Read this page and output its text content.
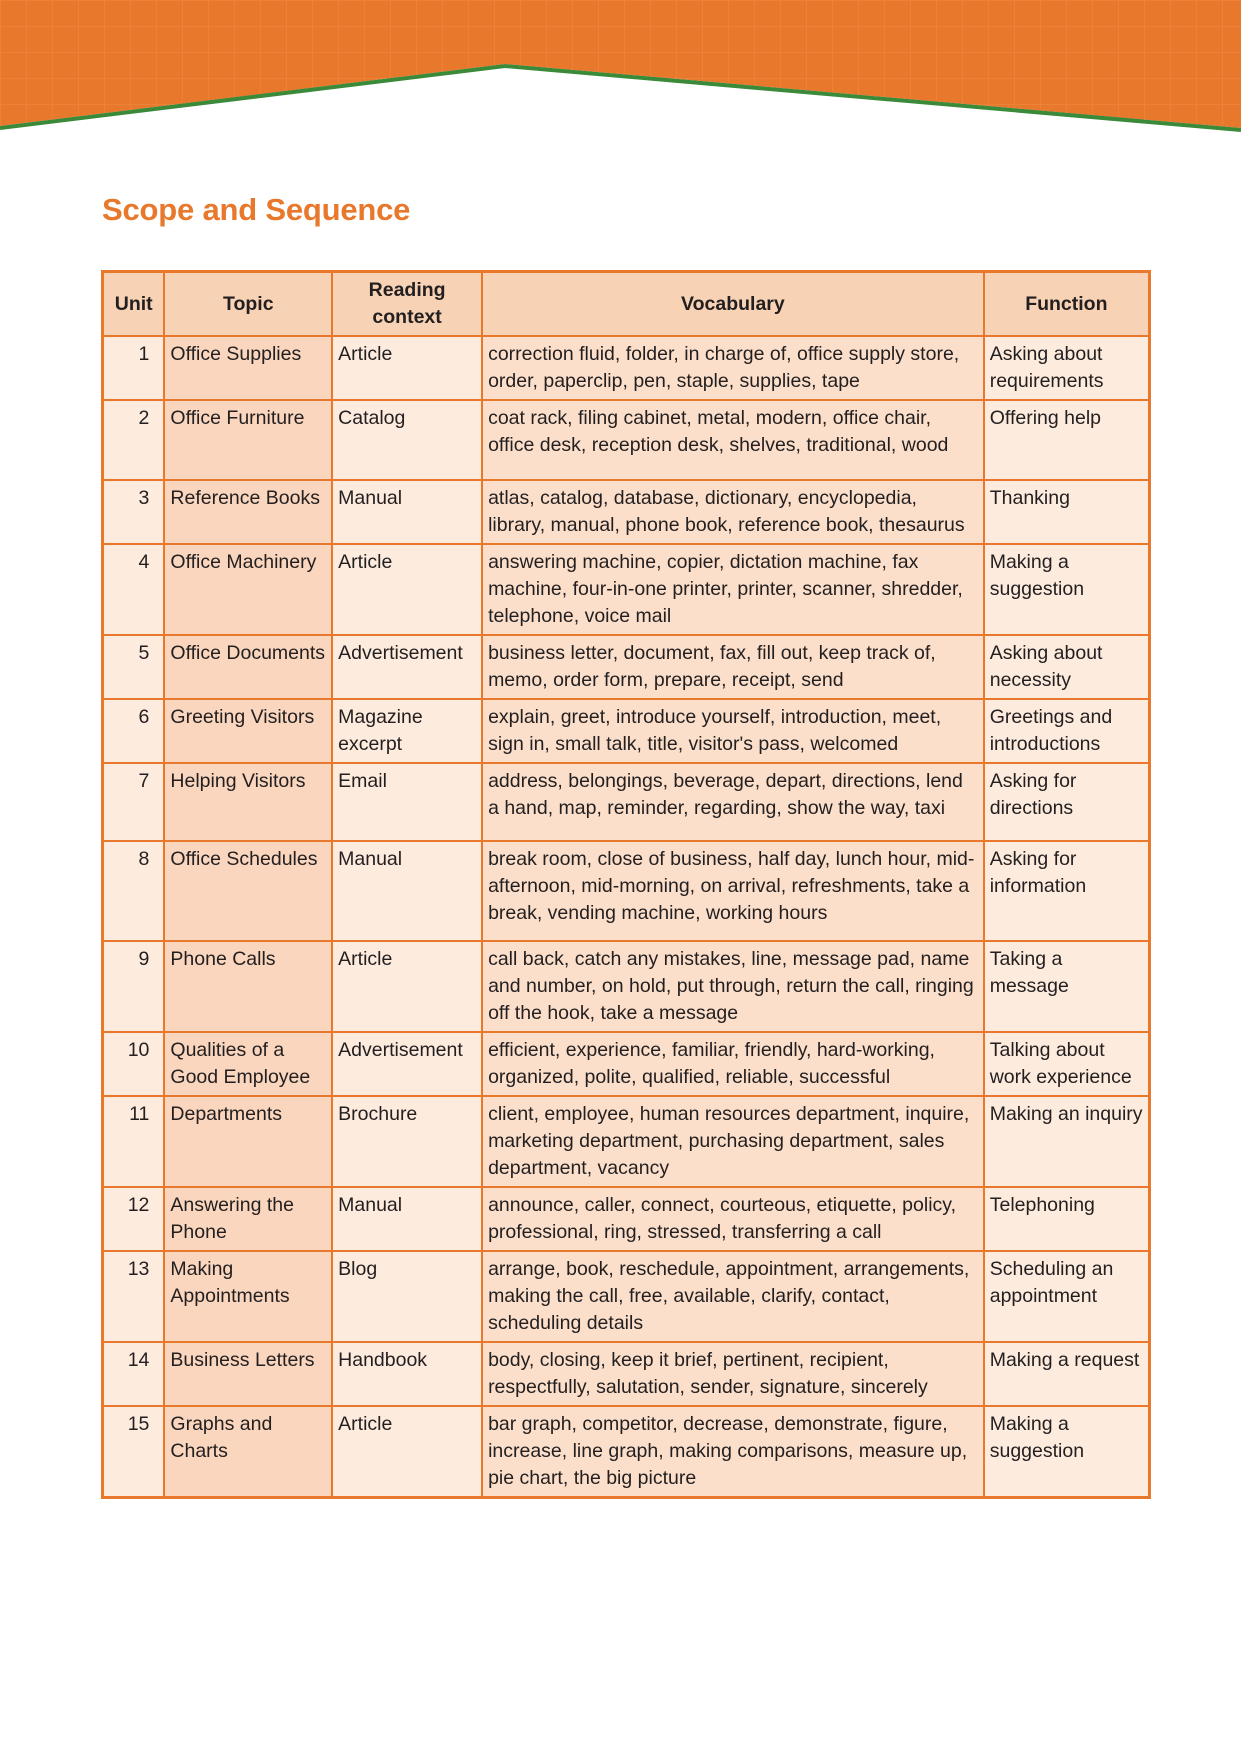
Scope and Sequence
Unit	Topic	Reading context	Vocabulary	Function
1	Office Supplies	Article	correction fluid, folder, in charge of, office supply store, order, paperclip, pen, staple, supplies, tape	Asking about requirements
2	Office Furniture	Catalog	coat rack, filing cabinet, metal, modern, office chair, office desk, reception desk, shelves, traditional, wood	Offering help
3	Reference Books	Manual	atlas, catalog, database, dictionary, encyclopedia, library, manual, phone book, reference book, thesaurus	Thanking
4	Office Machinery	Article	answering machine, copier, dictation machine, fax machine, four-in-one printer, printer, scanner, shredder, telephone, voice mail	Making a suggestion
5	Office Documents	Advertisement	business letter, document, fax, fill out, keep track of, memo, order form, prepare, receipt, send	Asking about necessity
6	Greeting Visitors	Magazine excerpt	explain, greet, introduce yourself, introduction, meet, sign in, small talk, title, visitor's pass, welcomed	Greetings and introductions
7	Helping Visitors	Email	address, belongings, beverage, depart, directions, lend a hand, map, reminder, regarding, show the way, taxi	Asking for directions
8	Office Schedules	Manual	break room, close of business, half day, lunch hour, mid-afternoon, mid-morning, on arrival, refreshments, take a break, vending machine, working hours	Asking for information
9	Phone Calls	Article	call back, catch any mistakes, line, message pad, name and number, on hold, put through, return the call, ringing off the hook, take a message	Taking a message
10	Qualities of a Good Employee	Advertisement	efficient, experience, familiar, friendly, hard-working, organized, polite, qualified, reliable, successful	Talking about work experience
11	Departments	Brochure	client, employee, human resources department, inquire, marketing department, purchasing department, sales department, vacancy	Making an inquiry
12	Answering the Phone	Manual	announce, caller, connect, courteous, etiquette, policy, professional, ring, stressed, transferring a call	Telephoning
13	Making Appointments	Blog	arrange, book, reschedule, appointment, arrangements, making the call, free, available, clarify, contact, scheduling details	Scheduling an appointment
14	Business Letters	Handbook	body, closing, keep it brief, pertinent, recipient, respectfully, salutation, sender, signature, sincerely	Making a request
15	Graphs and Charts	Article	bar graph, competitor, decrease, demonstrate, figure, increase, line graph, making comparisons, measure up, pie chart, the big picture	Making a suggestion
